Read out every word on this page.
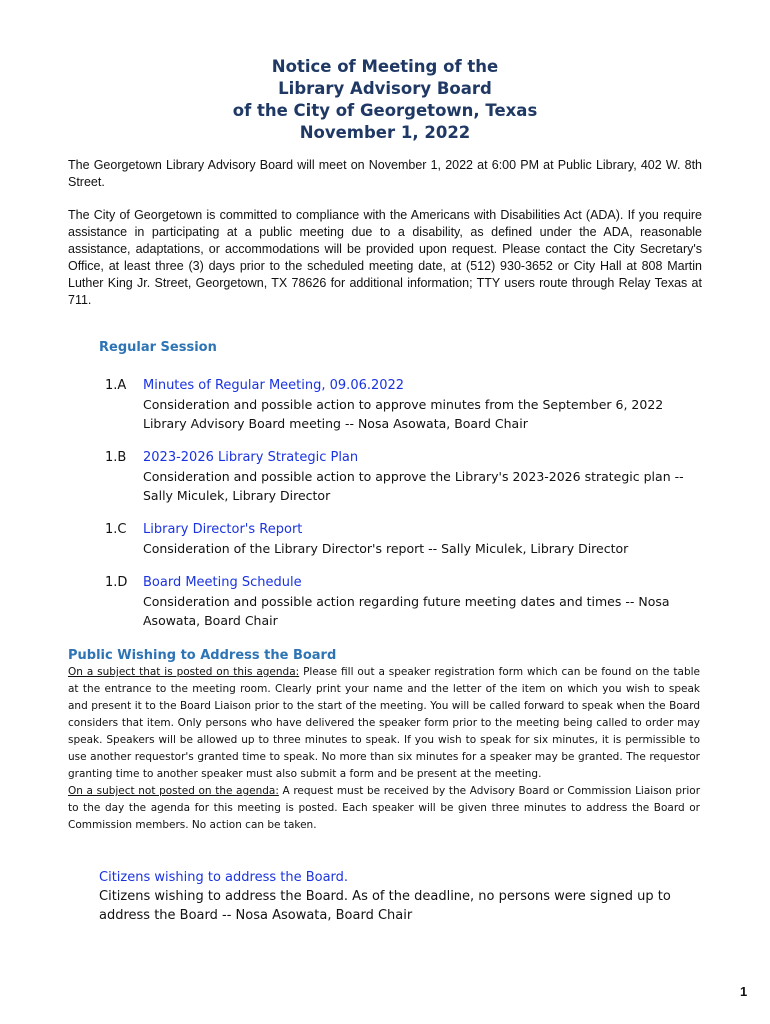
Notice of Meeting of the
Library Advisory Board
of the City of Georgetown, Texas
November 1, 2022
The Georgetown Library Advisory Board will meet on November 1, 2022 at 6:00 PM at Public Library, 402 W. 8th Street.
The City of Georgetown is committed to compliance with the Americans with Disabilities Act (ADA). If you require assistance in participating at a public meeting due to a disability, as defined under the ADA, reasonable assistance, adaptations, or accommodations will be provided upon request. Please contact the City Secretary's Office, at least three (3) days prior to the scheduled meeting date, at (512) 930-3652 or City Hall at 808 Martin Luther King Jr. Street, Georgetown, TX 78626 for additional information; TTY users route through Relay Texas at 711.
Regular Session
1.A Minutes of Regular Meeting, 09.06.2022
Consideration and possible action to approve minutes from the September 6, 2022 Library Advisory Board meeting -- Nosa Asowata, Board Chair
1.B 2023-2026 Library Strategic Plan
Consideration and possible action to approve the Library's 2023-2026 strategic plan -- Sally Miculek, Library Director
1.C Library Director's Report
Consideration of the Library Director's report -- Sally Miculek, Library Director
1.D Board Meeting Schedule
Consideration and possible action regarding future meeting dates and times -- Nosa Asowata, Board Chair
Public Wishing to Address the Board
On a subject that is posted on this agenda: Please fill out a speaker registration form which can be found on the table at the entrance to the meeting room. Clearly print your name and the letter of the item on which you wish to speak and present it to the Board Liaison prior to the start of the meeting. You will be called forward to speak when the Board considers that item. Only persons who have delivered the speaker form prior to the meeting being called to order may speak. Speakers will be allowed up to three minutes to speak. If you wish to speak for six minutes, it is permissible to use another requestor's granted time to speak. No more than six minutes for a speaker may be granted. The requestor granting time to another speaker must also submit a form and be present at the meeting.
On a subject not posted on the agenda: A request must be received by the Advisory Board or Commission Liaison prior to the day the agenda for this meeting is posted. Each speaker will be given three minutes to address the Board or Commission members. No action can be taken.
Citizens wishing to address the Board.
Citizens wishing to address the Board. As of the deadline, no persons were signed up to address the Board -- Nosa Asowata, Board Chair
1
